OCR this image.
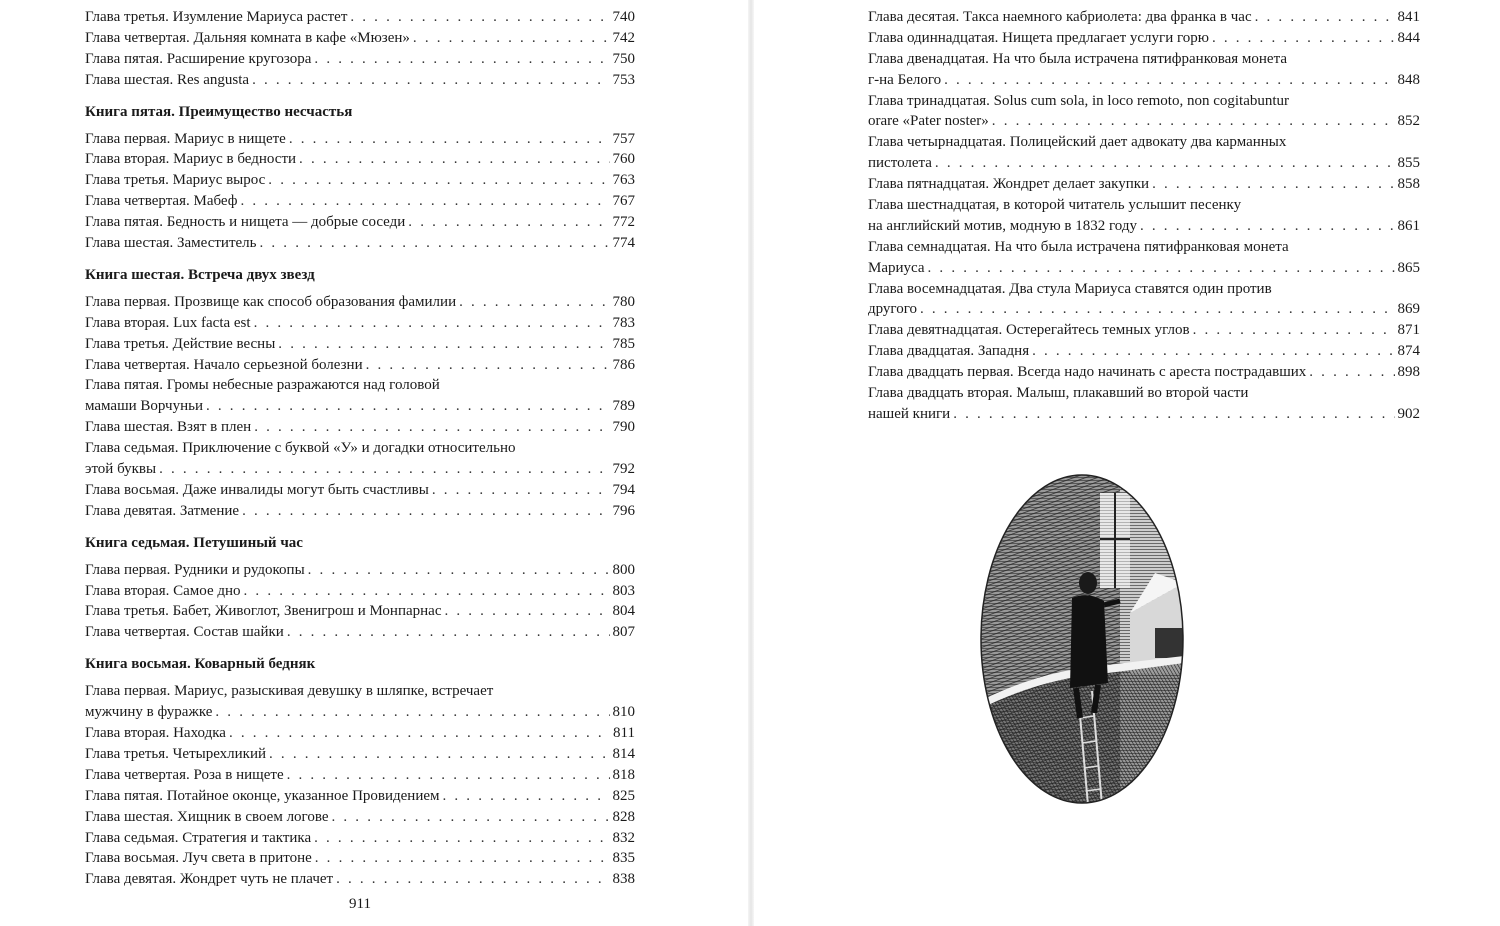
Глава третья. Изумление Мариуса растет . . .	740
Глава четвертая. Дальняя комната в кафе «Мюзен» . . .	742
Глава пятая. Расширение кругозора . . .	750
Глава шестая. Res angusta . . .	753
Книга пятая. Преимущество несчастья
Глава первая. Мариус в нищете . . .	757
Глава вторая. Мариус в бедности . . .	760
Глава третья. Мариус вырос . . .	763
Глава четвертая. Мабеф . . .	767
Глава пятая. Бедность и нищета — добрые соседи . . .	772
Глава шестая. Заместитель . . .	774
Книга шестая. Встреча двух звезд
Глава первая. Прозвище как способ образования фамилии . . .	780
Глава вторая. Lux facta est . . .	783
Глава третья. Действие весны . . .	785
Глава четвертая. Начало серьезной болезни . . .	786
Глава пятая. Громы небесные разражаются над головой
мамаши Ворчуньи . . .	789
Глава шестая. Взят в плен . . .	790
Глава седьмая. Приключение с буквой «У» и догадки относительно
этой буквы . . .	792
Глава восьмая. Даже инвалиды могут быть счастливы . . .	794
Глава девятая. Затмение . . .	796
Книга седьмая. Петушиный час
Глава первая. Рудники и рудокопы . . .	800
Глава вторая. Самое дно . . .	803
Глава третья. Бабет, Живоглот, Звенигрош и Монпарнас . . .	804
Глава четвертая. Состав шайки . . .	807
Книга восьмая. Коварный бедняк
Глава первая. Мариус, разыскивая девушку в шляпке, встречает
мужчину в фуражке . . .	810
Глава вторая. Находка . . .	811
Глава третья. Четырехликий . . .	814
Глава четвертая. Роза в нищете . . .	818
Глава пятая. Потайное оконце, указанное Провидением . . .	825
Глава шестая. Хищник в своем логове . . .	828
Глава седьмая. Стратегия и тактика . . .	832
Глава восьмая. Луч света в притоне . . .	835
Глава девятая. Жондрет чуть не плачет . . .	838
911
Глава десятая. Такса наемного кабриолета: два франка в час . . .	841
Глава одиннадцатая. Нищета предлагает услуги горю . . .	844
Глава двенадцатая. На что была истрачена пятифранковая монета
г-на Белого . . .	848
Глава тринадцатая. Solus cum sola, in loco remoto, non cogitabuntur
orare «Pater noster» . . .	852
Глава четырнадцатая. Полицейский дает адвокату два карманных
пистолета . . .	855
Глава пятнадцатая. Жондрет делает закупки . . .	858
Глава шестнадцатая, в которой читатель услышит песенку
на английский мотив, модную в 1832 году . . .	861
Глава семнадцатая. На что была истрачена пятифранковая монета
Мариуса . . .	865
Глава восемнадцатая. Два стула Мариуса ставятся один против
другого . . .	869
Глава девятнадцатая. Остерегайтесь темных углов . . .	871
Глава двадцатая. Западня . . .	874
Глава двадцать первая. Всегда надо начинать с ареста пострадавших . . .	898
Глава двадцать вторая. Малыш, плакавший во второй части
нашей книги . . .	902
